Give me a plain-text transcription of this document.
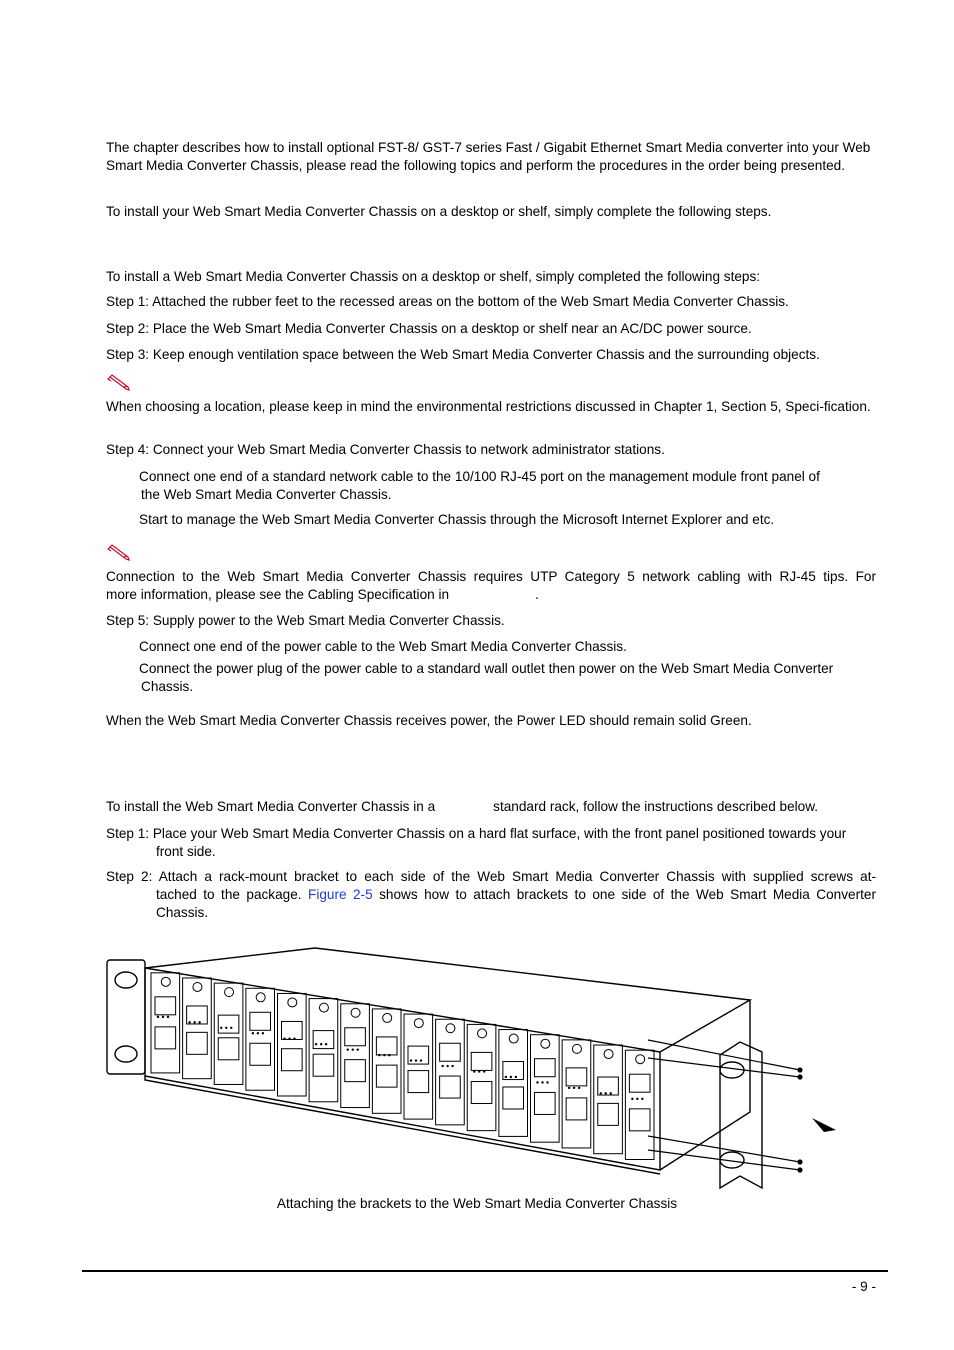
The chapter describes how to install optional FST-8/ GST-7 series Fast / Gigabit Ethernet Smart Media converter into your Web Smart Media Converter Chassis, please read the following topics and perform the procedures in the order being presented.

To install your Web Smart Media Converter Chassis on a desktop or shelf, simply complete the following steps.

To install a Web Smart Media Converter Chassis on a desktop or shelf, simply completed the following steps:

Step 1: Attached the rubber feet to the recessed areas on the bottom of the Web Smart Media Converter Chassis.

Step 2: Place the Web Smart Media Converter Chassis on a desktop or shelf near an AC/DC power source.

Step 3: Keep enough ventilation space between the Web Smart Media Converter Chassis and the surrounding objects.

When choosing a location, please keep in mind the environmental restrictions discussed in Chapter 1, Section 5, Speci-fication.

Step 4: Connect your Web Smart Media Converter Chassis to network administrator stations.

Connect one end of a standard network cable to the 10/100 RJ-45 port on the management module front panel of
the Web Smart Media Converter Chassis.

Start to manage the Web Smart Media Converter Chassis through the Microsoft Internet Explorer and etc.

Connection to the Web Smart Media Converter Chassis requires UTP Category 5 network cabling with RJ-45 tips. For

more information, please see the Cabling Specification in	.

Step 5: Supply power to the Web Smart Media Converter Chassis.

Connect one end of the power cable to the Web Smart Media Converter Chassis.

Connect the power plug of the power cable to a standard wall outlet then power on the Web Smart Media Converter
Chassis.

When the Web Smart Media Converter Chassis receives power, the Power LED should remain solid Green.

To install the Web Smart Media Converter Chassis in a	standard rack, follow the instructions described below.

Step 1: Place your Web Smart Media Converter Chassis on a hard flat surface, with the front panel positioned towards your
front side.

Step 2: Attach a rack-mount bracket to each side of the Web Smart Media Converter Chassis with supplied screws at-
tached to the package. Figure 2-5 shows how to attach brackets to one side of the Web Smart Media Converter
Chassis.

Attaching the brackets to the Web Smart Media Converter Chassis
- 9 -
